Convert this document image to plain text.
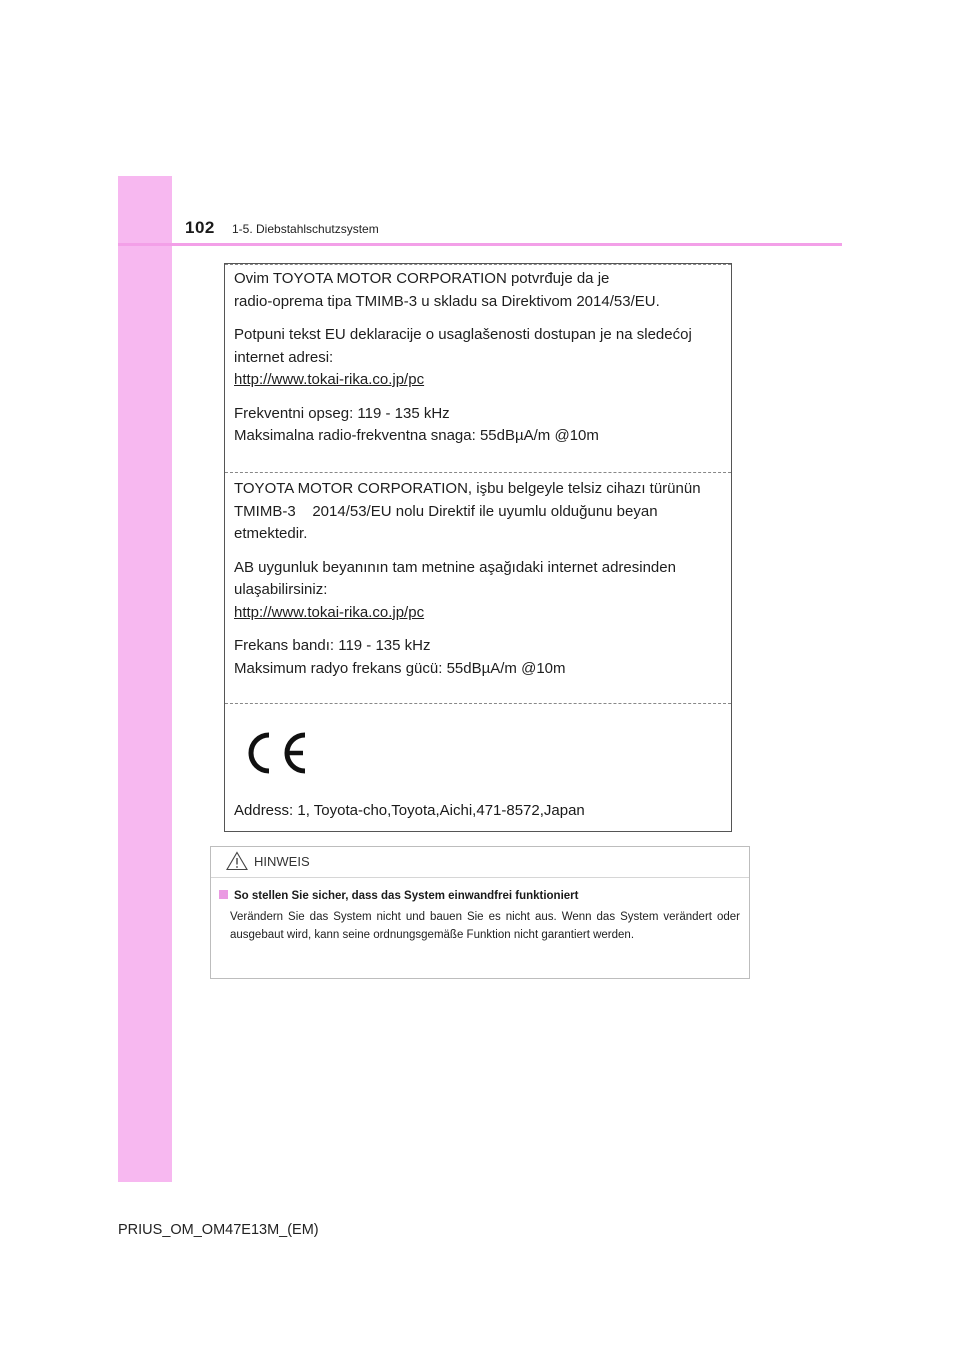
102 1-5. Diebstahlschutzsystem
Ovim TOYOTA MOTOR CORPORATION potvrđuje da je
radio-oprema tipa TMIMB-3 u skladu sa Direktivom 2014/53/EU.
Potpuni tekst EU deklaracije o usaglašenosti dostupan je na sledećoj
internet adresi:
http://www.tokai-rika.co.jp/pc
Frekventni opseg: 119 - 135 kHz
Maksimalna radio-frekventna snaga: 55dBµA/m @10m
TOYOTA MOTOR CORPORATION, işbu belgeyle telsiz cihazı türünün
TMIMB-3    2014/53/EU nolu Direktif ile uyumlu olduğunu beyan
etmektedir.
AB uygunluk beyanının tam metnine aşağıdaki internet adresinden
ulaşabilirsiniz:
http://www.tokai-rika.co.jp/pc
Frekans bandı: 119 - 135 kHz
Maksimum radyo frekans gücü: 55dBµA/m @10m
Address: 1, Toyota-cho,Toyota,Aichi,471-8572,Japan
HINWEIS
So stellen Sie sicher, dass das System einwandfrei funktioniert
Verändern Sie das System nicht und bauen Sie es nicht aus. Wenn das System verändert oder ausgebaut wird, kann seine ordnungsgemäße Funktion nicht garantiert werden.
PRIUS_OM_OM47E13M_(EM)
